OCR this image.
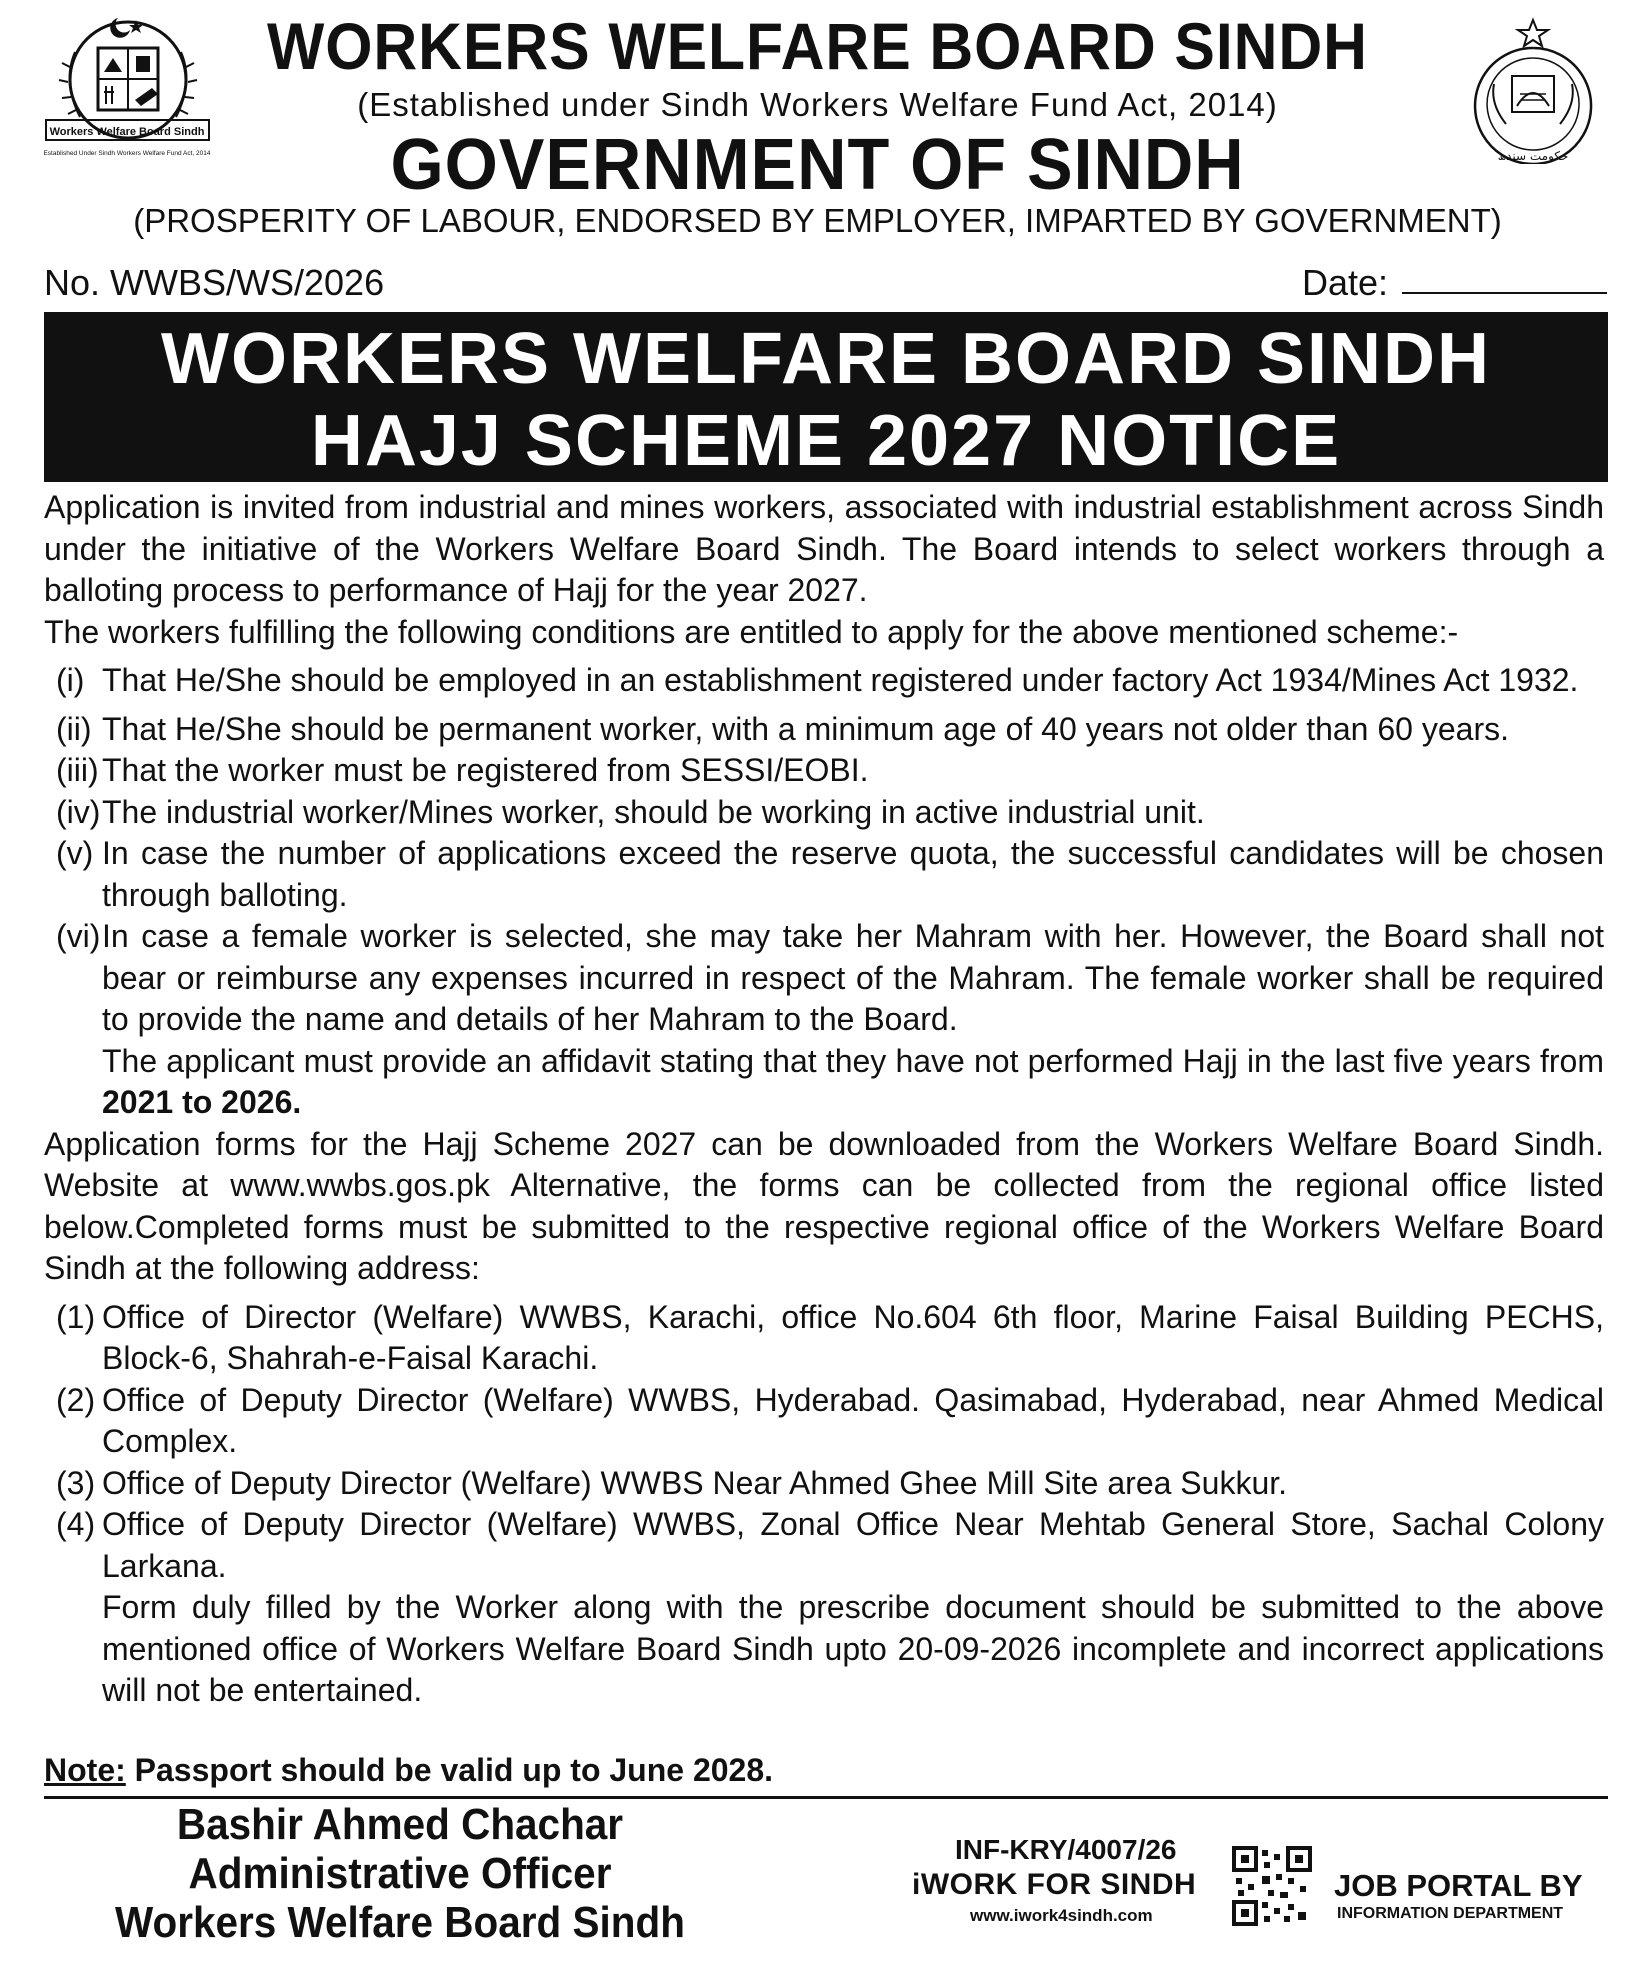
Workers Welfare Board Sindh
Established Under Sindh Workers Welfare Fund Act, 2014	حکومت سندھ
WORKERS WELFARE BOARD SINDH
(Established under Sindh Workers Welfare Fund Act, 2014)
GOVERNMENT OF SINDH
(PROSPERITY OF LABOUR, ENDORSED BY EMPLOYER, IMPARTED BY GOVERNMENT)
No. WWBS/WS/2026	Date:
WORKERS WELFARE BOARD SINDH
HAJJ SCHEME 2027 NOTICE
Application is invited from industrial and mines workers, associated with industrial establishment across Sindh under the initiative of the Workers Welfare Board Sindh. The Board intends to select workers through a balloting process to performance of Hajj for the year 2027.
The workers fulfilling the following conditions are entitled to apply for the above mentioned scheme:-
(i) That He/She should be employed in an establishment registered under factory Act 1934/Mines Act 1932.
(ii) That He/She should be permanent worker, with a minimum age of 40 years not older than 60 years.
(iii) That the worker must be registered from SESSI/EOBI.
(iv) The industrial worker/Mines worker, should be working in active industrial unit.
(v) In case the number of applications exceed the reserve quota, the successful candidates will be chosen through balloting.
(vi) In case a female worker is selected, she may take her Mahram with her. However, the Board shall not bear or reimburse any expenses incurred in respect of the Mahram. The female worker shall be required to provide the name and details of her Mahram to the Board.
The applicant must provide an affidavit stating that they have not performed Hajj in the last five years from 2021 to 2026.
Application forms for the Hajj Scheme 2027 can be downloaded from the Workers Welfare Board Sindh. Website at www.wwbs.gos.pk Alternative, the forms can be collected from the regional office listed below.Completed forms must be submitted to the respective regional office of the Workers Welfare Board Sindh at the following address:
(1) Office of Director (Welfare) WWBS, Karachi, office No.604 6th floor, Marine Faisal Building PECHS, Block-6, Shahrah-e-Faisal Karachi.
(2) Office of Deputy Director (Welfare) WWBS, Hyderabad. Qasimabad, Hyderabad, near Ahmed Medical Complex.
(3) Office of Deputy Director (Welfare) WWBS Near Ahmed Ghee Mill Site area Sukkur.
(4) Office of Deputy Director (Welfare) WWBS, Zonal Office Near Mehtab General Store, Sachal Colony Larkana.
Form duly filled by the Worker along with the prescribe document should be submitted to the above mentioned office of Workers Welfare Board Sindh upto 20-09-2026 incomplete and incorrect applications will not be entertained.
Note: Passport should be valid up to June 2028.
Bashir Ahmed Chachar
Administrative Officer
Workers Welfare Board Sindh
INF-KRY/4007/26
iWORK FOR SINDH
www.iwork4sindh.com
JOB PORTAL BY
INFORMATION DEPARTMENT
